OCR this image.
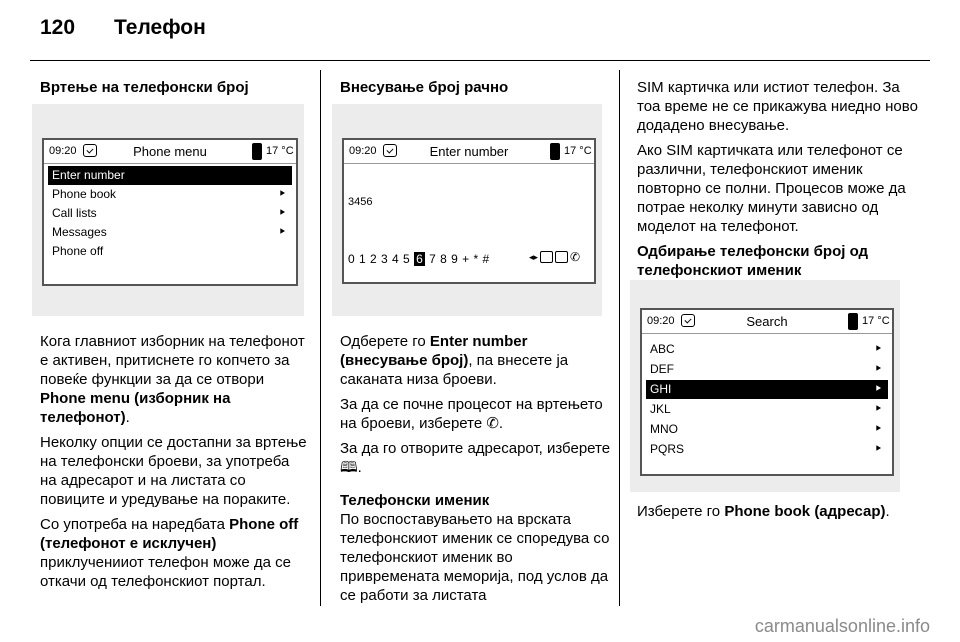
120 Телефон
Вртење на телефонски број
09:20	Phone menu	17 °C
Enter number
Phone book	⯈
Call lists	⯈
Messages	⯈
Phone off

Кога главниот изборник на телефонот е активен, притиснете го копчето за повеќе функции за да се отвори Phone menu (изборник на телефонот).

Неколку опции се достапни за вртење на телефонски броеви, за употреба на адресарот и на листата со повиците и уредување на пораките.

Со употреба на наредбата Phone off (телефонот е исклучен) приклученииот телефон може да се откачи од телефонскиот портал.

Внесување број рачно
09:20	Enter number	17 °C
3456
0 1 2 3 4 5 6 7 8 9 + * #	◂▸	✆

Одберете го Enter number (внесување број), па внесете ја саканата низа броеви.

За да се почне процесот на вртењето на броеви, изберете ✆.

За да го отворите адресарот, изберете 🕮.

Телефонски именик

По воспоставувањето на врската телефонскиот именик се споредува со телефонскиот именик во привремената меморија, под услов да се работи за листата

SIM картичка или истиот телефон. За тоа време не се прикажува ниедно ново додадено внесување.

Ако SIM картичката или телефонот се различни, телефонскиот именик повторно се полни. Процесов може да потрае неколку минути зависно од моделот на телефонот.

Одбирање телефонски број од телефонскиот именик
09:20	Search	17 °C
ABC	⯈
DEF	⯈
GHI	⯈
JKL	⯈
MNO	⯈
PQRS	⯈

Изберете го Phone book (адресар).

carmanualsonline.info
